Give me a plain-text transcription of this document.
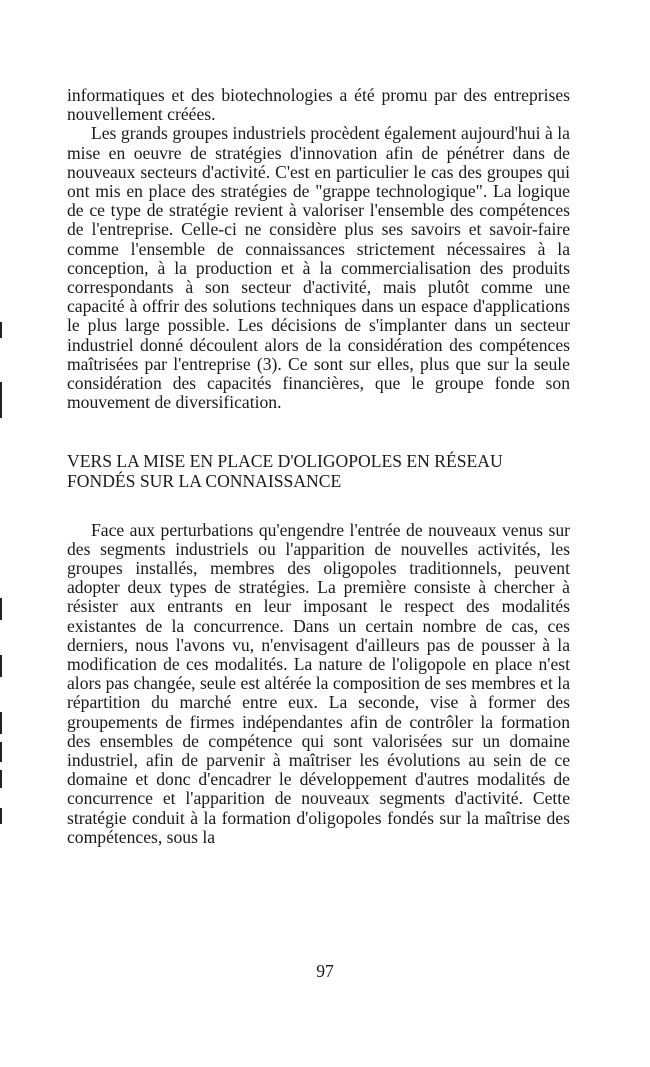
informatiques et des biotechnologies a été promu par des entreprises nouvellement créées.

Les grands groupes industriels procèdent également aujourd'hui à la mise en oeuvre de stratégies d'innovation afin de pénétrer dans de nouveaux secteurs d'activité. C'est en particulier le cas des groupes qui ont mis en place des stratégies de "grappe technologique". La logique de ce type de stratégie revient à valoriser l'ensemble des compétences de l'entreprise. Celle-ci ne considère plus ses savoirs et savoir-faire comme l'ensemble de connaissances strictement nécessaires à la conception, à la production et à la commercialisation des produits correspondants à son secteur d'activité, mais plutôt comme une capacité à offrir des solutions techniques dans un espace d'applications le plus large possible. Les décisions de s'implanter dans un secteur industriel donné découlent alors de la considération des compétences maîtrisées par l'entreprise (3). Ce sont sur elles, plus que sur la seule considération des capacités financières, que le groupe fonde son mouvement de diversification.

VERS LA MISE EN PLACE D'OLIGOPOLES EN RÉSEAU FONDÉS SUR LA CONNAISSANCE

Face aux perturbations qu'engendre l'entrée de nouveaux venus sur des segments industriels ou l'apparition de nouvelles activités, les groupes installés, membres des oligopoles traditionnels, peuvent adopter deux types de stratégies. La première consiste à chercher à résister aux entrants en leur imposant le respect des modalités existantes de la concurrence. Dans un certain nombre de cas, ces derniers, nous l'avons vu, n'envisagent d'ailleurs pas de pousser à la modification de ces modalités. La nature de l'oligopole en place n'est alors pas changée, seule est altérée la composition de ses membres et la répartition du marché entre eux. La seconde, vise à former des groupements de firmes indépendantes afin de contrôler la formation des ensembles de compétence qui sont valorisées sur un domaine industriel, afin de parvenir à maîtriser les évolutions au sein de ce domaine et donc d'encadrer le développement d'autres modalités de concurrence et l'apparition de nouveaux segments d'activité. Cette stratégie conduit à la formation d'oligopoles fondés sur la maîtrise des compétences, sous la

97
